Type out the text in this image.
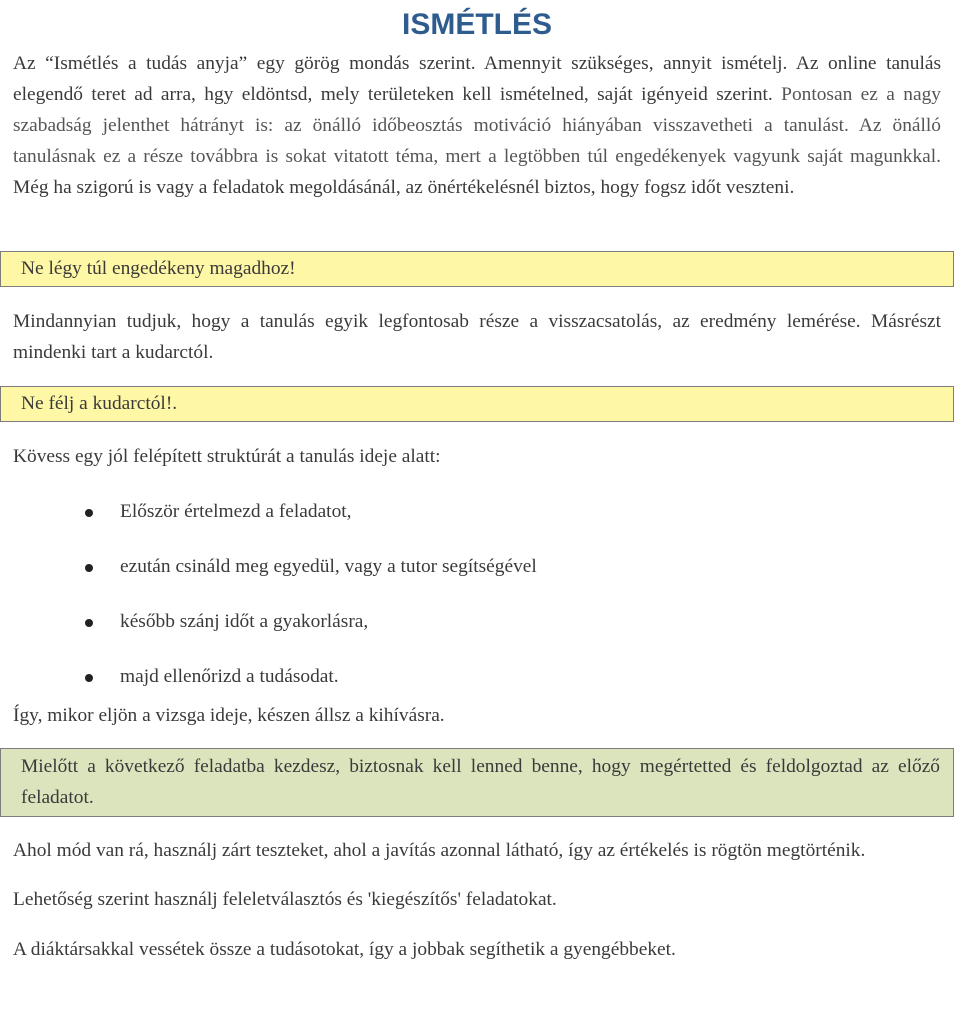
ISMÉTLÉS

Az “Ismétlés a tudás anyja” egy görög mondás szerint. Amennyit szükséges, annyit ismételj. Az online tanulás elegendő teret ad arra, hgy eldöntsd, mely területeken kell ismételned, saját igényeid szerint. Pontosan ez a nagy szabadság jelenthet hátrányt is: az önálló időbeosztás motiváció hiányában visszavetheti a tanulást. Az önálló tanulásnak ez a része továbbra is sokat vitatott téma, mert a legtöbben túl engedékenyek vagyunk saját magunkkal. Még ha szigorú is vagy a feladatok megoldásánál, az önértékelésnél biztos, hogy fogsz időt veszteni.

Ne légy túl engedékeny magadhoz!

Mindannyian tudjuk, hogy a tanulás egyik legfontosab része a visszacsatolás, az eredmény lemérése. Másrészt mindenki tart a kudarctól.

Ne félj a kudarctól!.

Kövess egy jól felépített struktúrát a tanulás ideje alatt:

Először értelmezd a feladatot,
ezután csináld meg egyedül, vagy a tutor segítségével
később szánj időt a gyakorlásra,
majd ellenőrizd a tudásodat.

Így, mikor eljön a vizsga ideje, készen állsz a kihívásra.

Mielőtt a következő feladatba kezdesz, biztosnak kell lenned benne, hogy megértetted és feldolgoztad az előző feladatot.

Ahol mód van rá, használj zárt teszteket, ahol a javítás azonnal látható, így az értékelés is rögtön megtörténik.

Lehetőség szerint használj feleletválasztós és 'kiegészítős' feladatokat.

A diáktársakkal vessétek össze a tudásotokat, így a jobbak segíthetik a gyengébbeket.
